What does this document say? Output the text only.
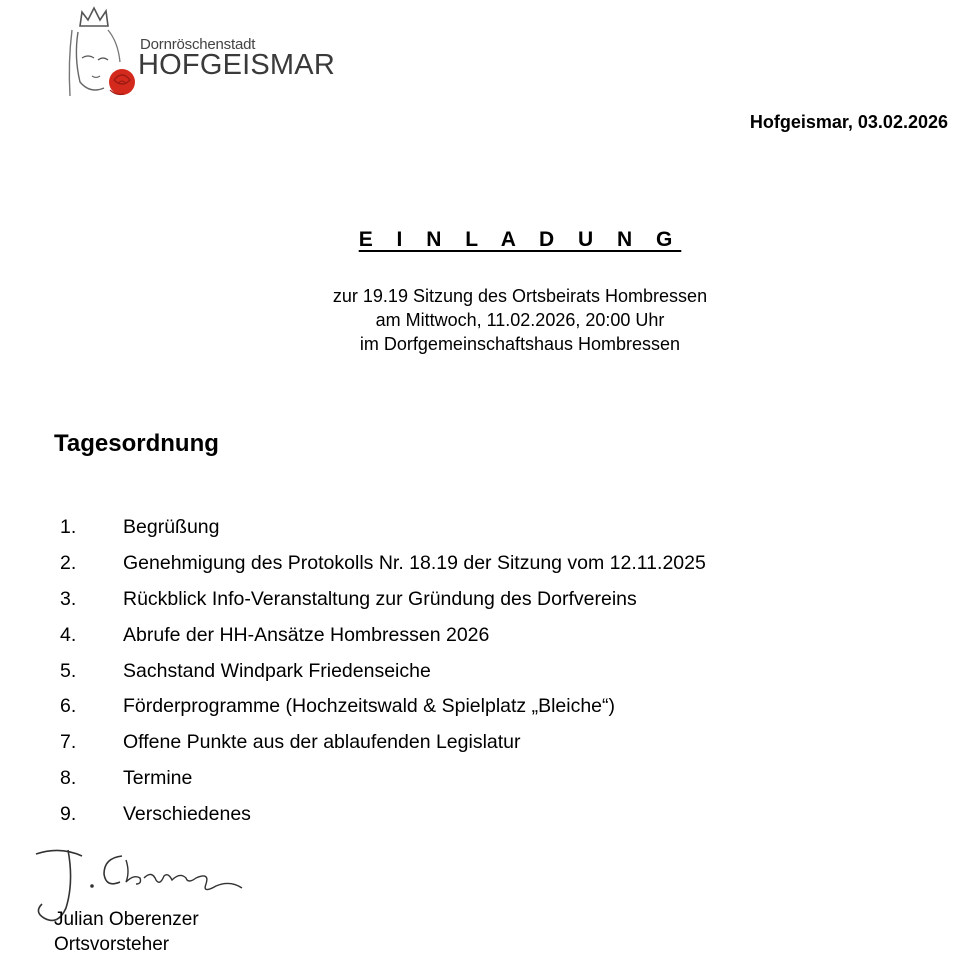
Dornröschenstadt
HOFGEISMAR
Hofgeismar, 03.02.2026
E I N L A D U N G
zur 19.19 Sitzung des Ortsbeirats Hombressen
am Mittwoch, 11.02.2026, 20:00 Uhr
im Dorfgemeinschaftshaus Hombressen
Tagesordnung
1.	Begrüßung
2.	Genehmigung des Protokolls Nr. 18.19 der Sitzung vom 12.11.2025
3.	Rückblick Info-Veranstaltung zur Gründung des Dorfvereins
4.	Abrufe der HH-Ansätze Hombressen 2026
5.	Sachstand Windpark Friedenseiche
6.	Förderprogramme (Hochzeitswald & Spielplatz „Bleiche“)
7.	Offene Punkte aus der ablaufenden Legislatur
8.	Termine
9.	Verschiedenes
Julian Oberenzer
Ortsvorsteher
